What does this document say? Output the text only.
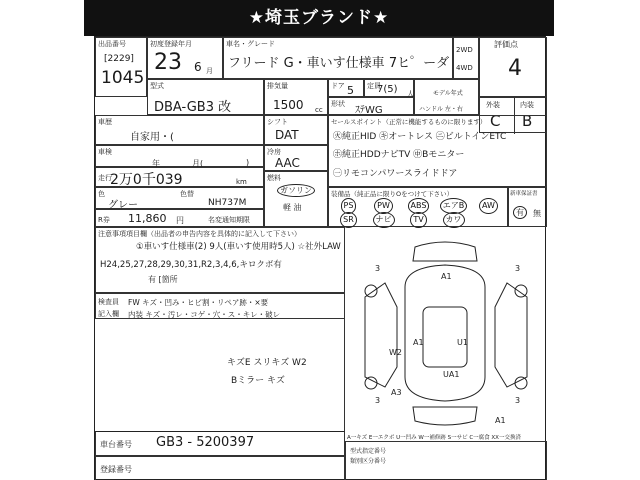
★埼玉ブランド★
出品番号
[2229]
1045
初度登録年月
23 6 月
車名・グレード
フリード G・車いす仕様車 7ヒ゜ーダ
2WD
4WD
評価点
4
外装	内装
C B
型式
DBA-GB3 改
排気量
1500 cc
ドア 5 定員
7(5) 人
形状
ｽﾃWG
モデル年式
ハンドル 左・右
車歴
自家用・(
車検
年	月(	)
走行
2万0千039	km
色
グレー
色替
NH737M
R券 11,860 円	名変通知期限
シフト
DAT
冷房
AAC
燃料
ガソリン
軽 油
セールスポイント（正常に機能するものに限ります）
㊋純正HID ㋖オートレス ㋥ビルトインETC
㋭純正HDDナビTV ㊥Bモニター
㊀リモコンパワースライドドア
装備品（純正品に限りOをつけて下さい）
PS	PW	ABS	エアB	AW
SR	ナビ	TV	カワ
新車保証書
有	無
注意事項項目欄（出品者の申告内容を具体的に記入して下さい）
①車いす仕様車(2) 9人(車いす使用時5人) ☆社外LAW
H24,25,27,28,29,30,31,R2,3,4,6,キロクボ有
有 [箇所
検査員 FW キズ・凹み・ヒビ割・リペア跡・×要
記入欄 内装 キズ・汚レ・コゲ・穴・ス・キレ・破レ
キズE スリキズ W2
Bミラー キズ
3	3
3	3
A1
A1	U1
W2
A3
UA1
A1
A一キズ E一エクボ U一凹み W一補修跡 S一サビ C一腐食 XX一交換済
車台番号 GB3 - 5200397
登録番号
型式指定番号
類別区分番号
